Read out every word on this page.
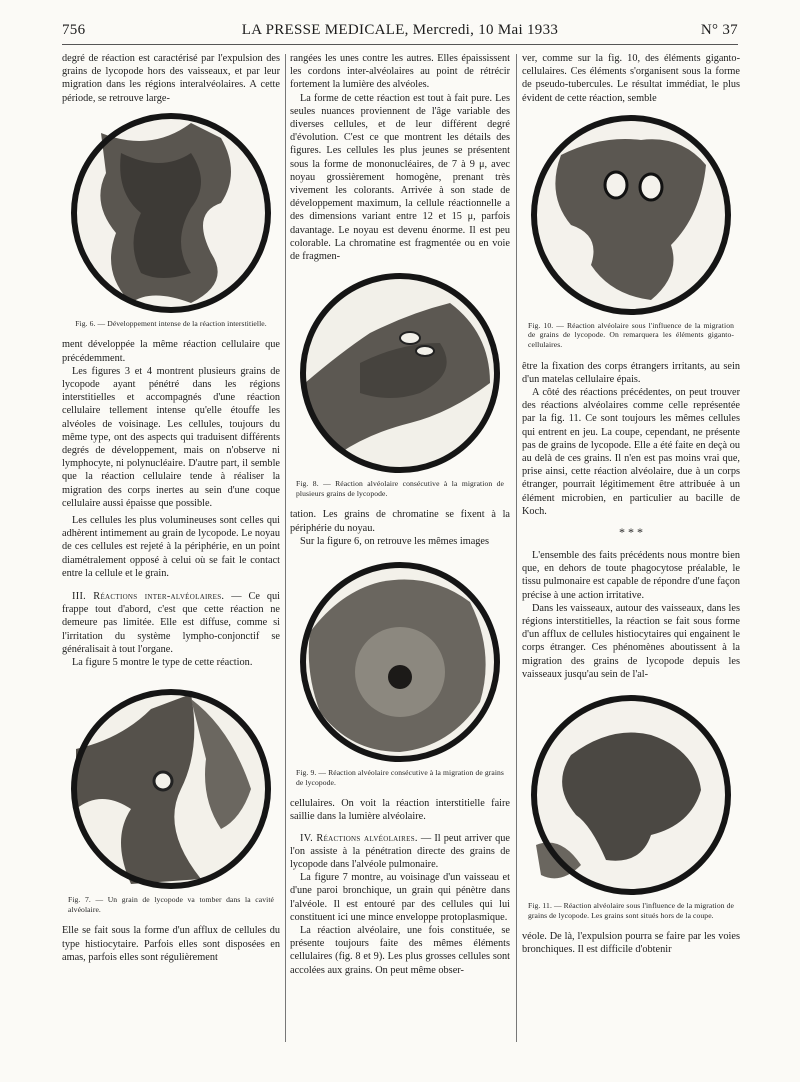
756	LA PRESSE MEDICALE, Mercredi, 10 Mai 1933	N° 37

degré de réaction est caractérisé par l'expulsion des grains de lycopode hors des vaisseaux, et par leur migration dans les régions interalvéolaires. A cette période, se retrouve large-

Fig. 6. — Développement intense de la réaction interstitielle.

ment développée la même réaction cellulaire que précédemment.

Les figures 3 et 4 montrent plusieurs grains de lycopode ayant pénétré dans les régions interstitielles et accompagnés d'une réaction cellulaire tellement intense qu'elle étouffe les alvéoles de voisinage. Les cellules, toujours du même type, ont des aspects qui traduisent différents degrés de développement, mais on n'observe ni lymphocyte, ni polynucléaire. D'autre part, il semble que la réaction cellulaire tende à réaliser la migration des corps inertes au sein d'une coque cellulaire aussi épaisse que possible.

Les cellules les plus volumineuses sont celles qui adhèrent intimement au grain de lycopode. Le noyau de ces cellules est rejeté à la périphérie, en un point diamétralement opposé à celui où se fait le contact entre la cellule et le grain.

III. Réactions inter-alvéolaires. — Ce qui frappe tout d'abord, c'est que cette réaction ne demeure pas limitée. Elle est diffuse, comme si l'irritation du système lympho-conjonctif se généralisait à tout l'organe.

La figure 5 montre le type de cette réaction.

Fig. 7. — Un grain de lycopode va tomber dans la cavité alvéolaire.

Elle se fait sous la forme d'un afflux de cellules du type histiocytaire. Parfois elles sont disposées en amas, parfois elles sont régulièrement

rangées les unes contre les autres. Elles épaississent les cordons inter-alvéolaires au point de rétrécir fortement la lumière des alvéoles.

La forme de cette réaction est tout à fait pure. Les seules nuances proviennent de l'âge variable des diverses cellules, et de leur différent degré d'évolution. C'est ce que montrent les détails des figures. Les cellules les plus jeunes se présentent sous la forme de mononucléaires, de 7 à 9 μ, avec noyau grossièrement homogène, prenant très vivement les colorants. Arrivée à son stade de développement maximum, la cellule réactionnelle a des dimensions variant entre 12 et 15 μ, parfois davantage. Le noyau est devenu énorme. Il est peu colorable. La chromatine est fragmentée ou en voie de fragmen-

Fig. 8. — Réaction alvéolaire consécutive à la migration de plusieurs grains de lycopode.

tation. Les grains de chromatine se fixent à la périphérie du noyau.

Sur la figure 6, on retrouve les mêmes images

Fig. 9. — Réaction alvéolaire consécutive à la migration de grains de lycopode.

cellulaires. On voit la réaction interstitielle faire saillie dans la lumière alvéolaire.

IV. Réactions alvéolaires. — Il peut arriver que l'on assiste à la pénétration directe des grains de lycopode dans l'alvéole pulmonaire.

La figure 7 montre, au voisinage d'un vaisseau et d'une paroi bronchique, un grain qui pénètre dans l'alvéole. Il est entouré par des cellules qui lui constituent ici une mince enveloppe protoplasmique.

La réaction alvéolaire, une fois constituée, se présente toujours faite des mêmes éléments cellulaires (fig. 8 et 9). Les plus grosses cellules sont accolées aux grains. On peut même obser-

ver, comme sur la fig. 10, des éléments giganto-cellulaires. Ces éléments s'organisent sous la forme de pseudo-tubercules. Le résultat immédiat, le plus évident de cette réaction, semble

Fig. 10. — Réaction alvéolaire sous l'influence de la migration de grains de lycopode. On remarquera les éléments giganto-cellulaires.

être la fixation des corps étrangers irritants, au sein d'un matelas cellulaire épais.

A côté des réactions précédentes, on peut trouver des réactions alvéolaires comme celle représentée par la fig. 11. Ce sont toujours les mêmes cellules qui entrent en jeu. La coupe, cependant, ne présente pas de grains de lycopode. Elle a été faite en deçà ou au delà de ces grains. Il n'en est pas moins vrai que, prise ainsi, cette réaction alvéolaire, due à un corps étranger, pourrait légitimement être attribuée à un élément microbien, en particulier au bacille de Koch.

* * *

L'ensemble des faits précédents nous montre bien que, en dehors de toute phagocytose préalable, le tissu pulmonaire est capable de répondre d'une façon précise à une action irritative.

Dans les vaisseaux, autour des vaisseaux, dans les régions interstitielles, la réaction se fait sous forme d'un afflux de cellules histiocytaires qui engainent le corps étranger. Ces phénomènes aboutissent à la migration des grains de lycopode depuis les vaisseaux jusqu'au sein de l'al-

Fig. 11. — Réaction alvéolaire sous l'influence de la migration de grains de lycopode. Les grains sont situés hors de la coupe.

véole. De là, l'expulsion pourra se faire par les voies bronchiques. Il est difficile d'obtenir
